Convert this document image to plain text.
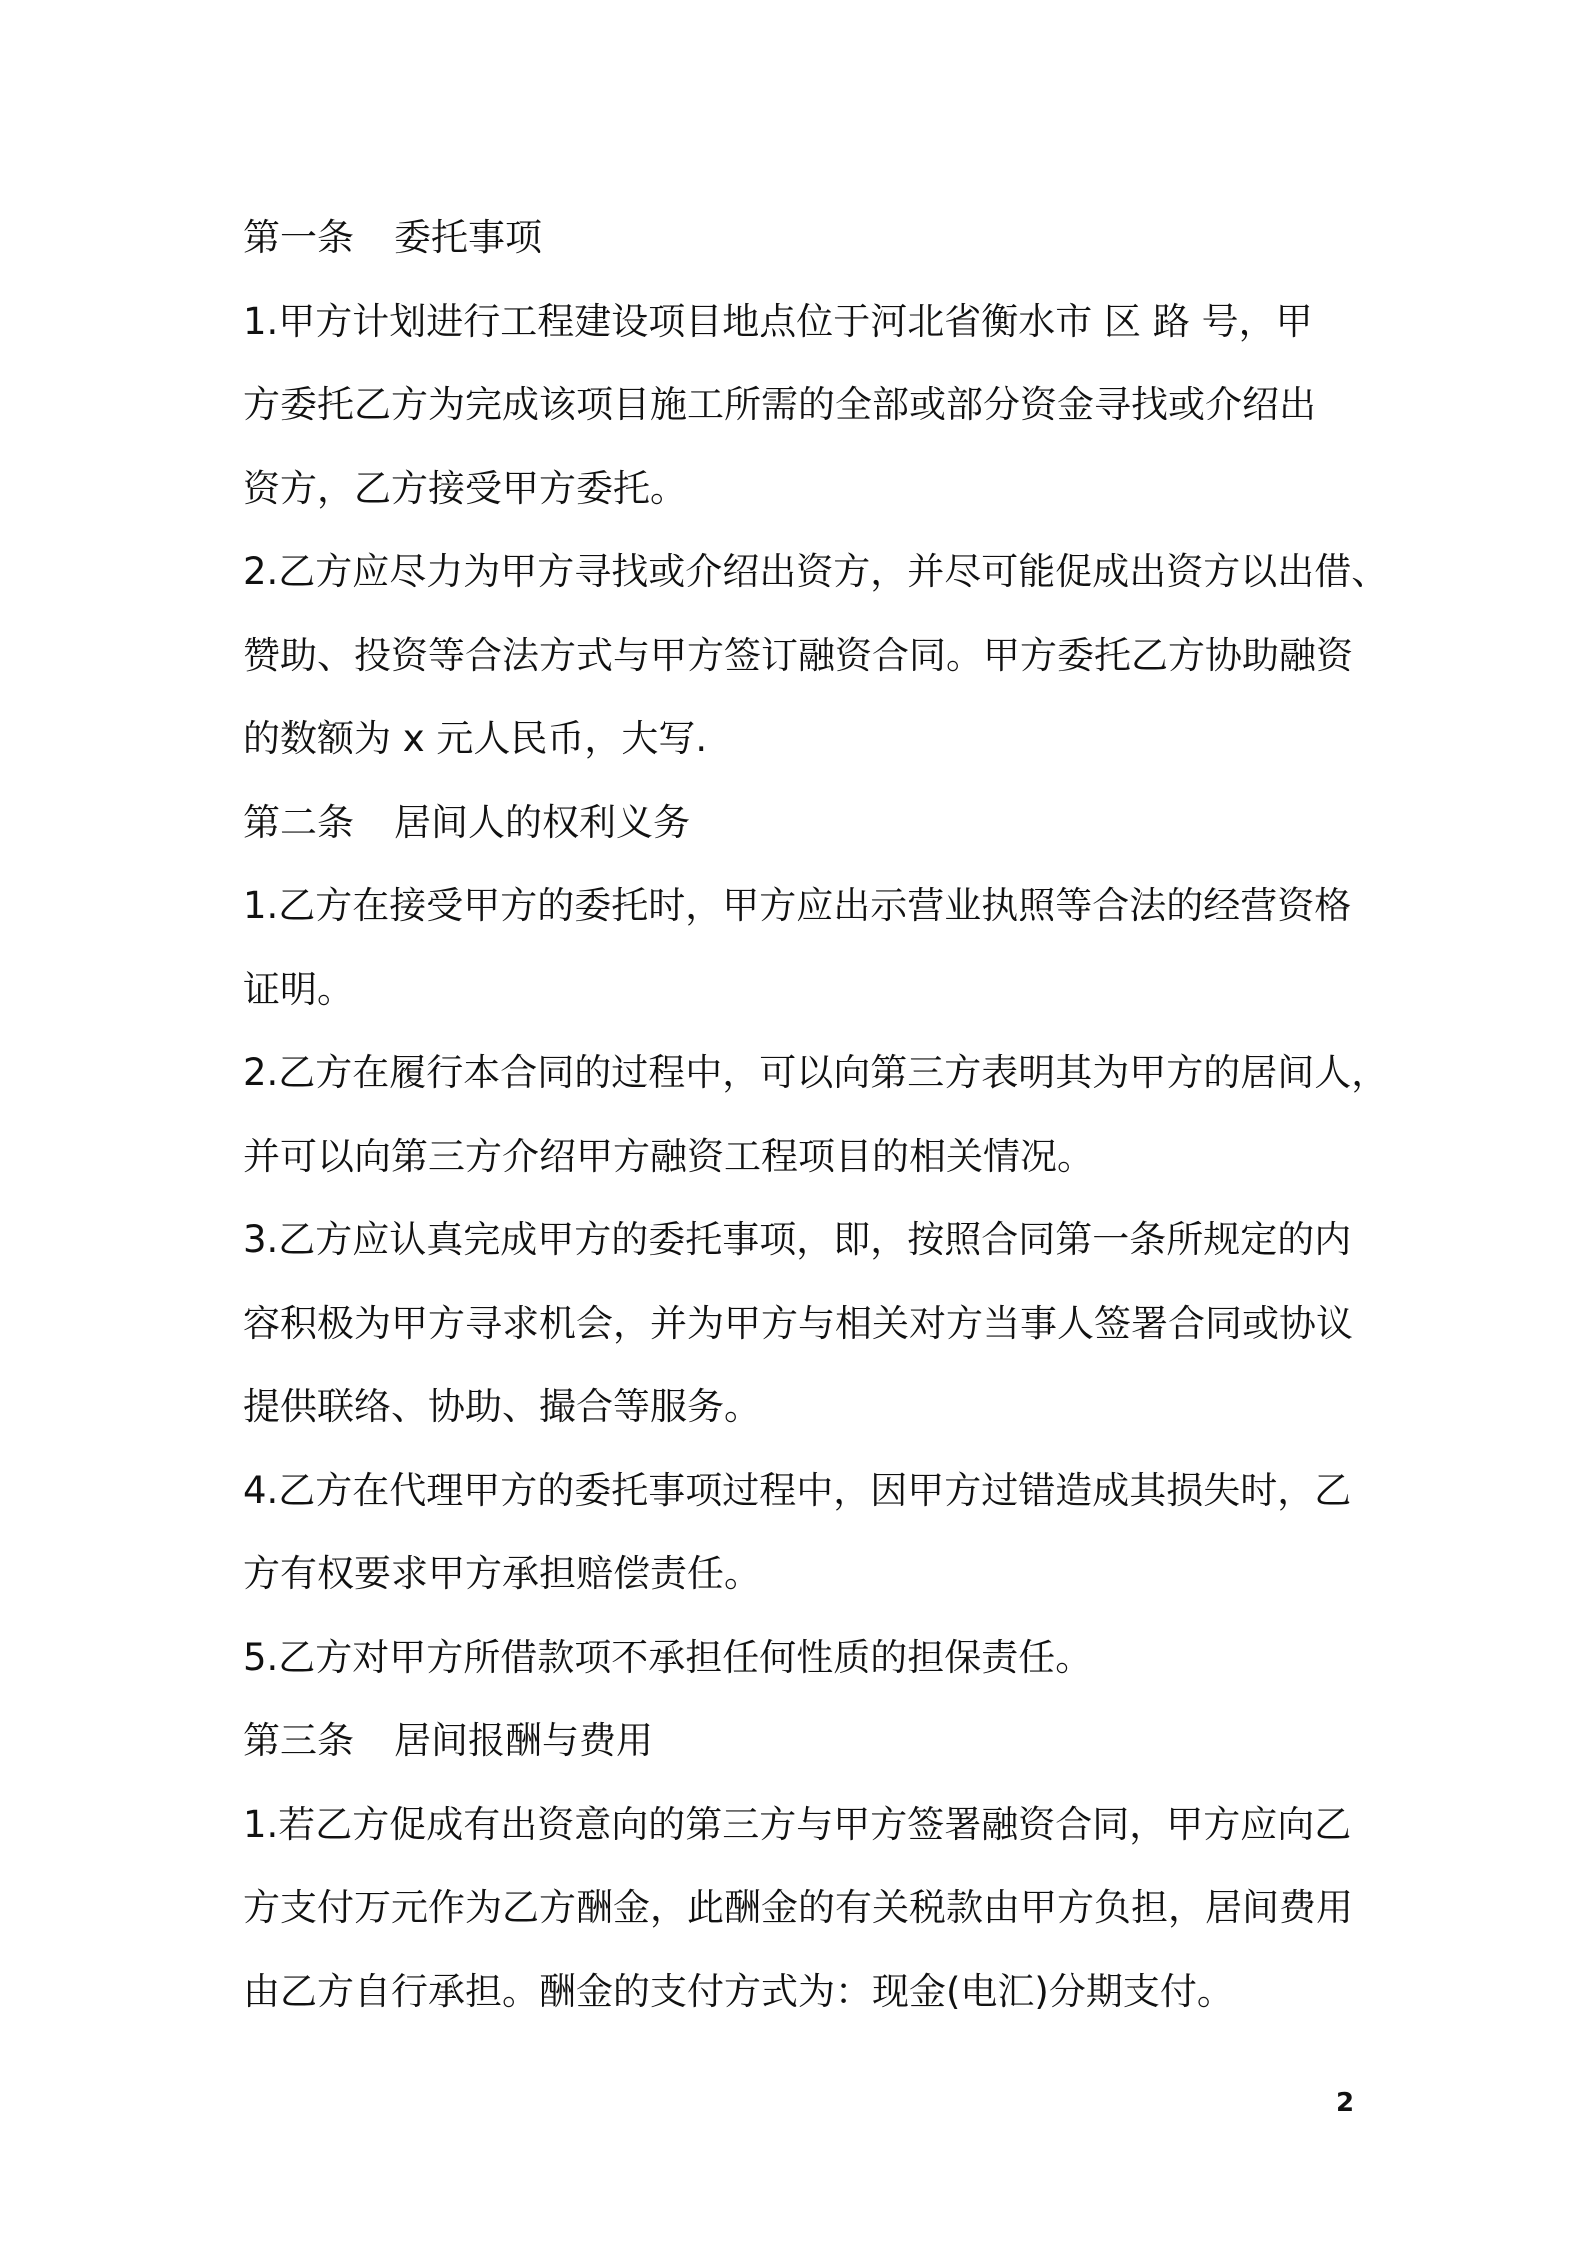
第一条 委托事项
1.甲方计划进行工程建设项目地点位于河北省衡水市 区 路 号，甲
方委托乙方为完成该项目施工所需的全部或部分资金寻找或介绍出
资方，乙方接受甲方委托。
2.乙方应尽力为甲方寻找或介绍出资方，并尽可能促成出资方以出借、
赞助、投资等合法方式与甲方签订融资合同。甲方委托乙方协助融资
的数额为 x 元人民币，大写.
第二条 居间人的权利义务
1.乙方在接受甲方的委托时，甲方应出示营业执照等合法的经营资格
证明。
2.乙方在履行本合同的过程中，可以向第三方表明其为甲方的居间人，
并可以向第三方介绍甲方融资工程项目的相关情况。
3.乙方应认真完成甲方的委托事项，即，按照合同第一条所规定的内
容积极为甲方寻求机会，并为甲方与相关对方当事人签署合同或协议
提供联络、协助、撮合等服务。
4.乙方在代理甲方的委托事项过程中，因甲方过错造成其损失时，乙
方有权要求甲方承担赔偿责任。
5.乙方对甲方所借款项不承担任何性质的担保责任。
第三条 居间报酬与费用
1.若乙方促成有出资意向的第三方与甲方签署融资合同，甲方应向乙
方支付万元作为乙方酬金，此酬金的有关税款由甲方负担，居间费用
由乙方自行承担。酬金的支付方式为：现金(电汇)分期支付。
2
